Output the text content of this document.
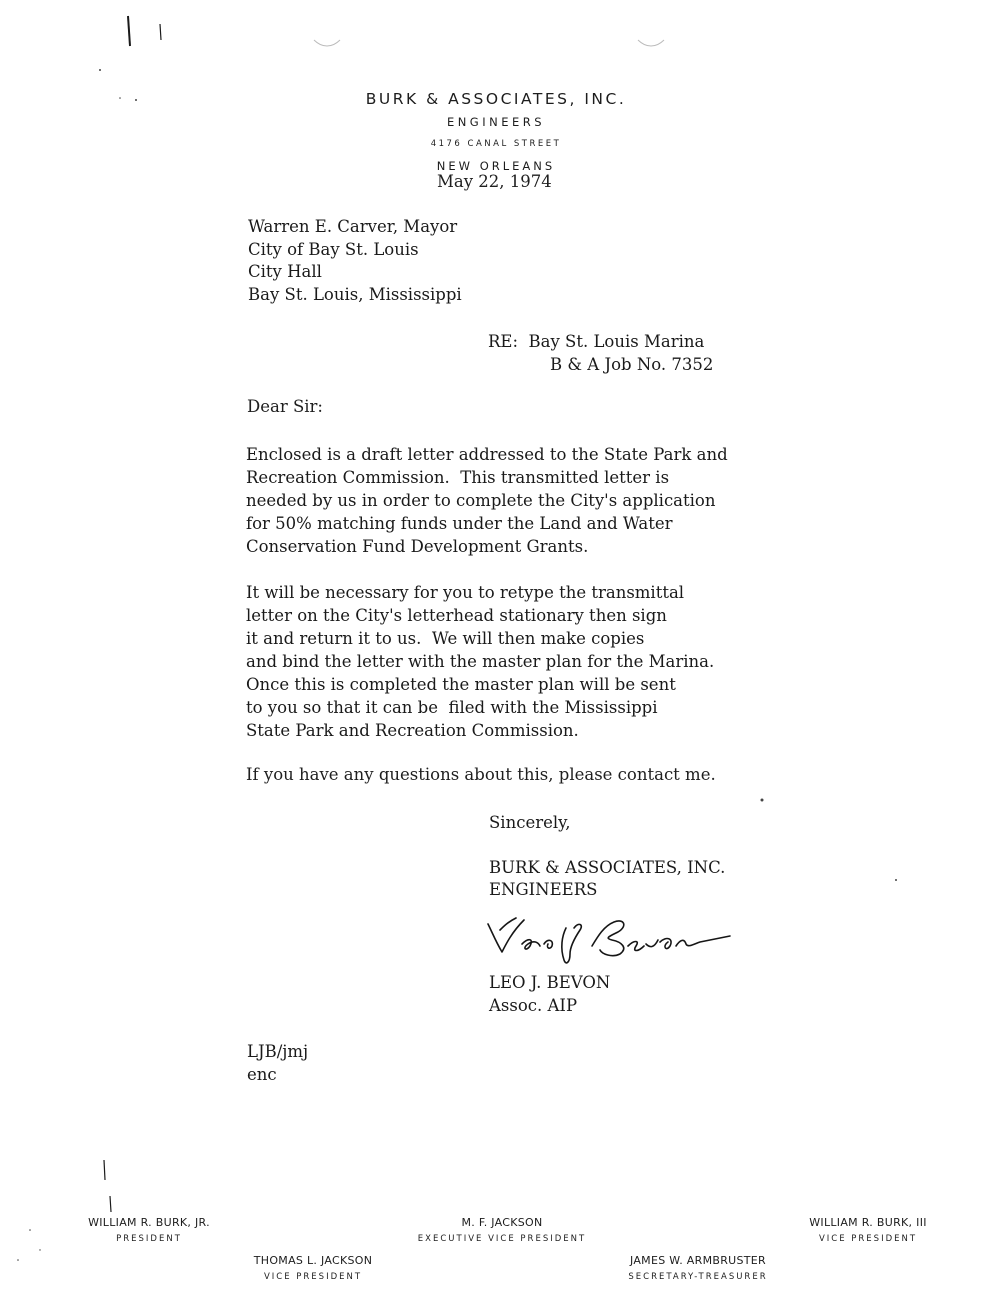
BURK & ASSOCIATES, INC.
ENGINEERS
4176 CANAL STREET
NEW ORLEANS
May 22, 1974
Warren E. Carver, Mayor
City of Bay St. Louis
City Hall
Bay St. Louis, Mississippi
RE:  Bay St. Louis Marina
B & A Job No. 7352
Dear Sir:
Enclosed is a draft letter addressed to the State Park and
Recreation Commission.  This transmitted letter is
needed by us in order to complete the City's application
for 50% matching funds under the Land and Water
Conservation Fund Development Grants.
It will be necessary for you to retype the transmittal
letter on the City's letterhead stationary then sign
it and return it to us.  We will then make copies
and bind the letter with the master plan for the Marina.
Once this is completed the master plan will be sent
to you so that it can be  filed with the Mississippi
State Park and Recreation Commission.
If you have any questions about this, please contact me.
Sincerely,
BURK & ASSOCIATES, INC.
ENGINEERS
LEO J. BEVON
Assoc. AIP
LJB/jmj
enc
WILLIAM R. BURK, JR.
PRESIDENT
M. F. JACKSON
EXECUTIVE VICE PRESIDENT
WILLIAM R. BURK, III
VICE PRESIDENT
THOMAS L. JACKSON
VICE PRESIDENT
JAMES W. ARMBRUSTER
SECRETARY-TREASURER
